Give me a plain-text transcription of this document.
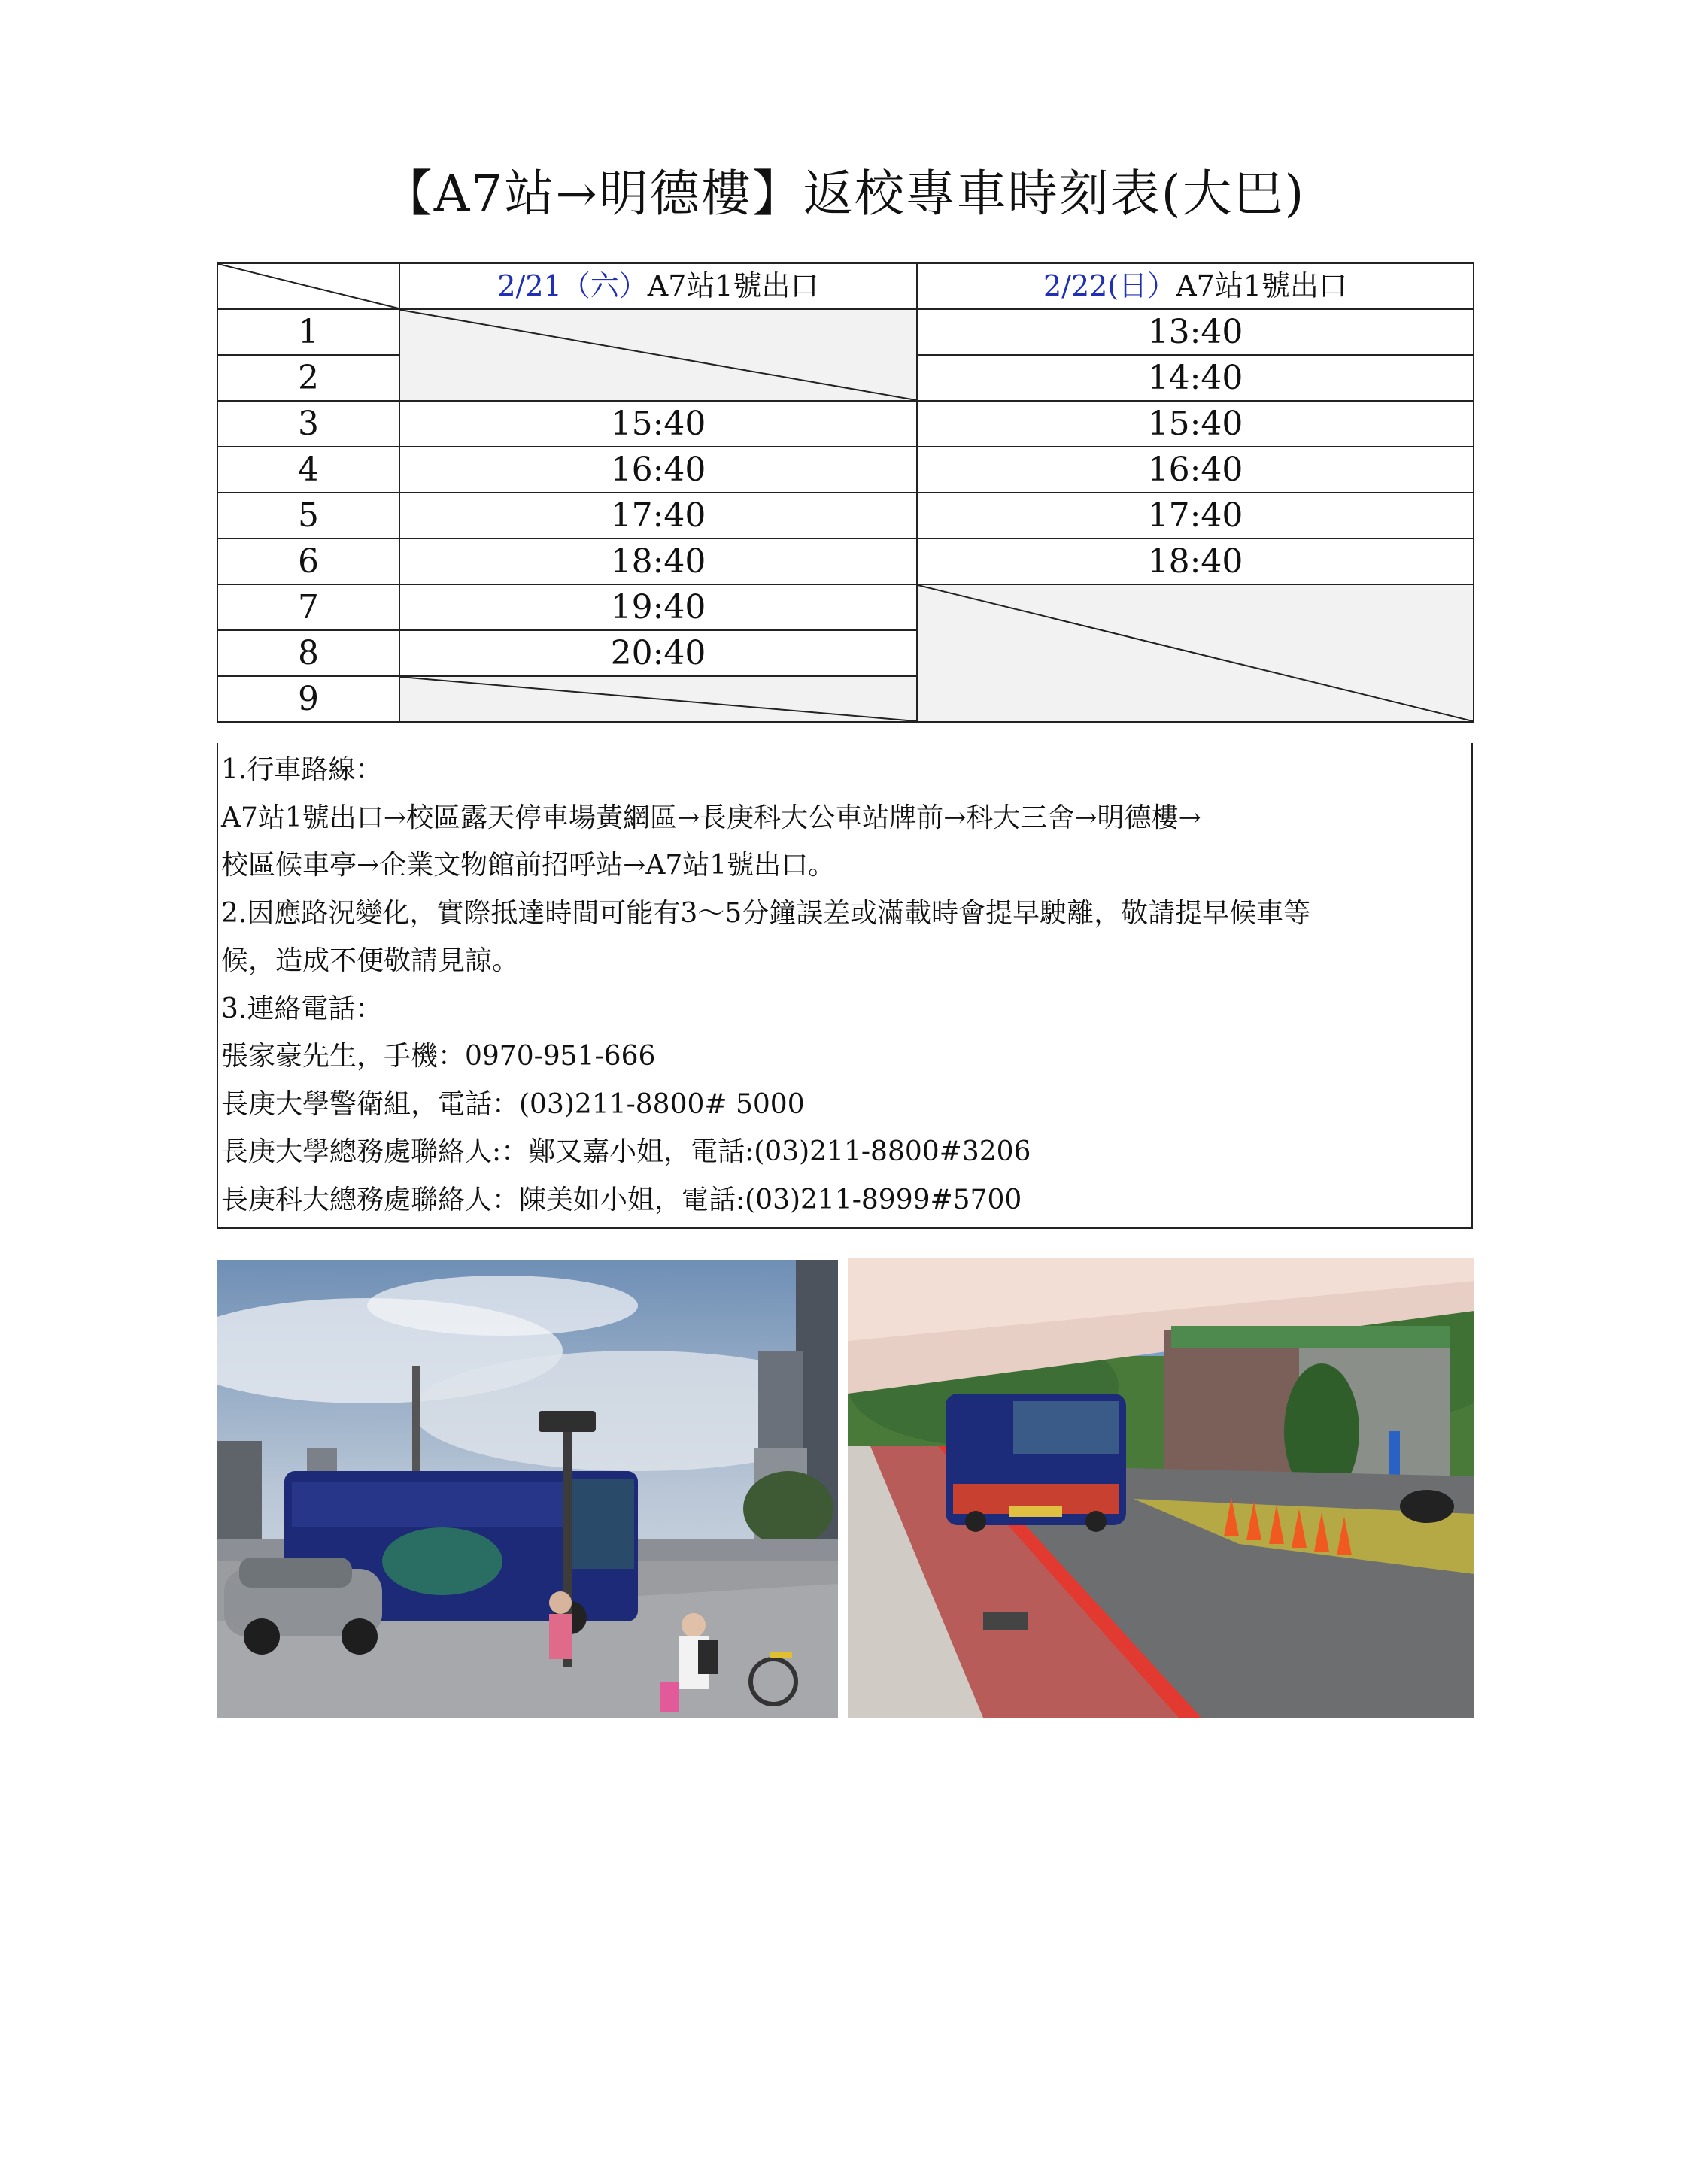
【A7站→明德樓】返校專車時刻表(大巴)
	2/21（六）A7站1號出口	2/22(日）A7站1號出口
1		13:40
2		14:40
3	15:40	15:40
4	16:40	16:40
5	17:40	17:40
6	18:40	18:40
7	19:40	

8	20:40	
9	
1.行車路線：
A7站1號出口→校區露天停車場黃網區→長庚科大公車站牌前→科大三舍→明德樓→
校區候車亭→企業文物館前招呼站→A7站1號出口。
2.因應路況變化，實際抵達時間可能有3～5分鐘誤差或滿載時會提早駛離，敬請提早候車等
候，造成不便敬請見諒。
3.連絡電話：
張家豪先生，手機：0970-951-666
長庚大學警衛組，電話：(03)211-8800# 5000
長庚大學總務處聯絡人:：鄭又嘉小姐，電話:(03)211-8800#3206
長庚科大總務處聯絡人：陳美如小姐，電話:(03)211-8999#5700
